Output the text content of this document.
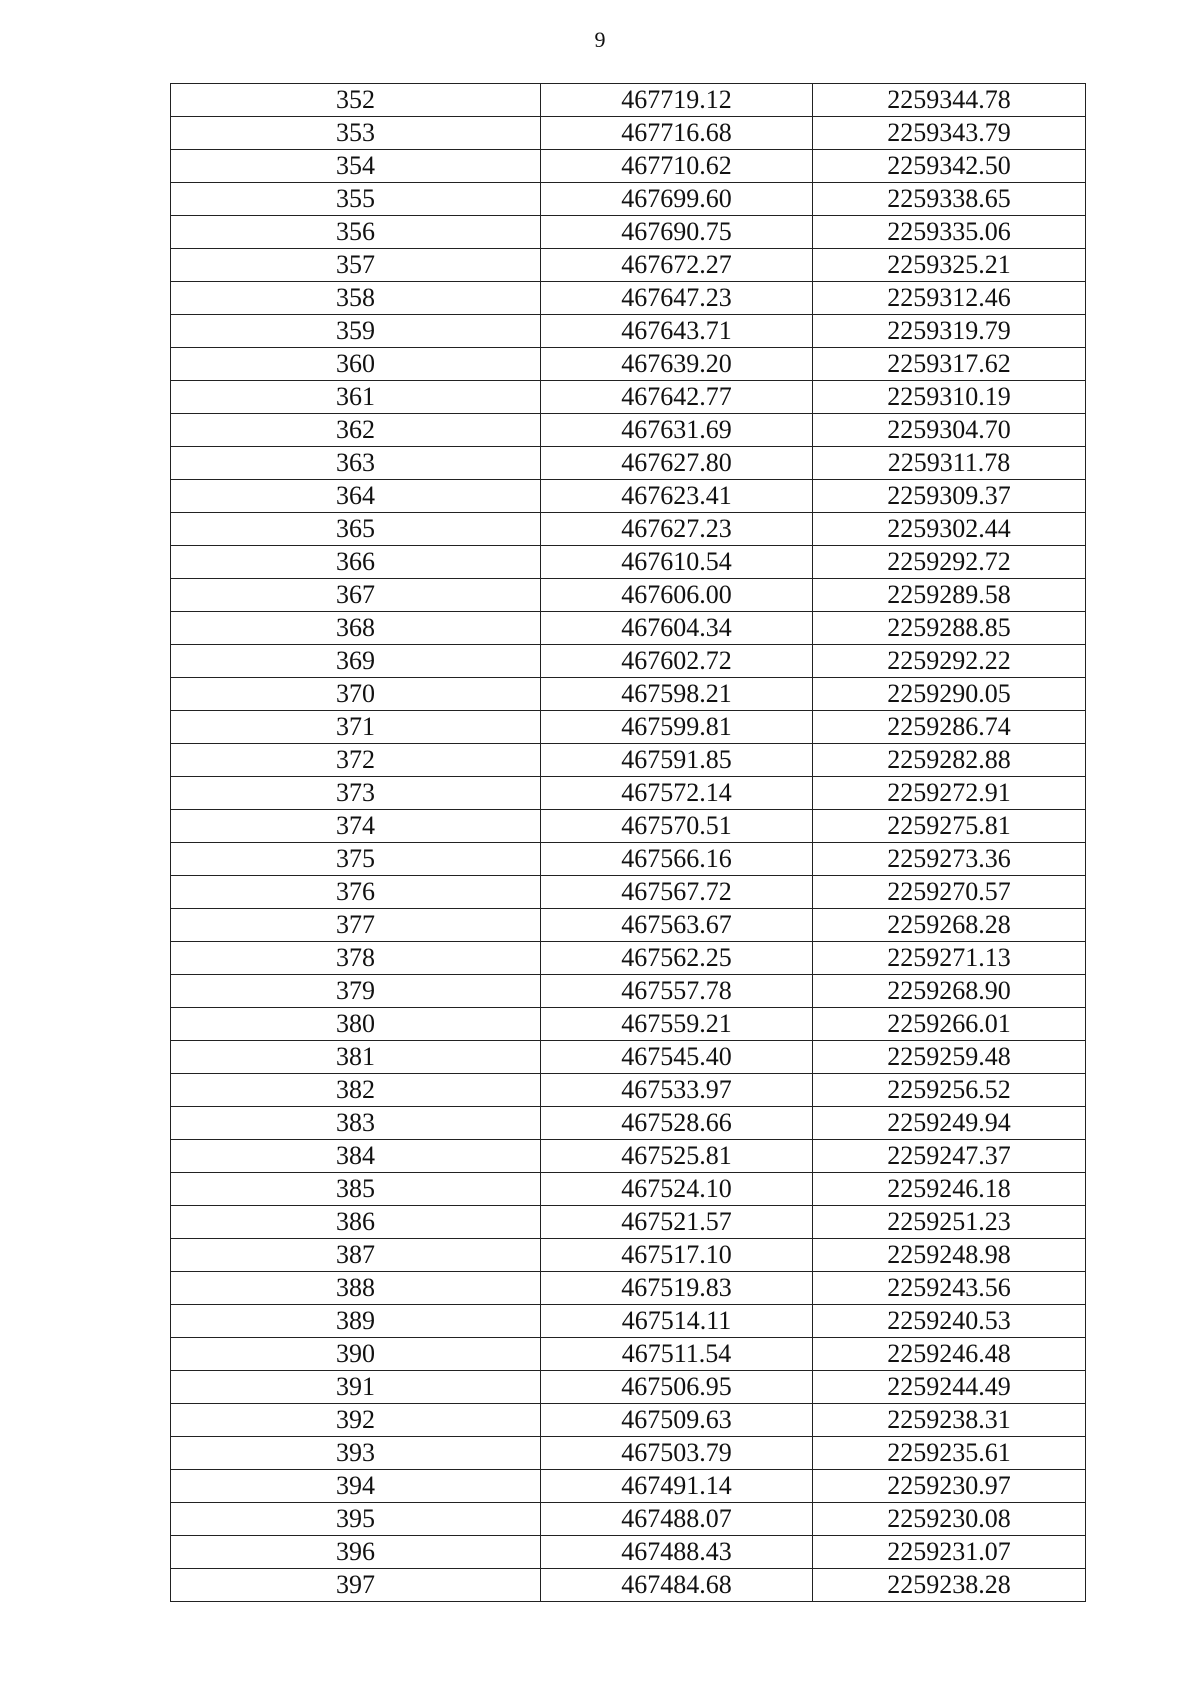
9
352	467719.12	2259344.78
353	467716.68	2259343.79
354	467710.62	2259342.50
355	467699.60	2259338.65
356	467690.75	2259335.06
357	467672.27	2259325.21
358	467647.23	2259312.46
359	467643.71	2259319.79
360	467639.20	2259317.62
361	467642.77	2259310.19
362	467631.69	2259304.70
363	467627.80	2259311.78
364	467623.41	2259309.37
365	467627.23	2259302.44
366	467610.54	2259292.72
367	467606.00	2259289.58
368	467604.34	2259288.85
369	467602.72	2259292.22
370	467598.21	2259290.05
371	467599.81	2259286.74
372	467591.85	2259282.88
373	467572.14	2259272.91
374	467570.51	2259275.81
375	467566.16	2259273.36
376	467567.72	2259270.57
377	467563.67	2259268.28
378	467562.25	2259271.13
379	467557.78	2259268.90
380	467559.21	2259266.01
381	467545.40	2259259.48
382	467533.97	2259256.52
383	467528.66	2259249.94
384	467525.81	2259247.37
385	467524.10	2259246.18
386	467521.57	2259251.23
387	467517.10	2259248.98
388	467519.83	2259243.56
389	467514.11	2259240.53
390	467511.54	2259246.48
391	467506.95	2259244.49
392	467509.63	2259238.31
393	467503.79	2259235.61
394	467491.14	2259230.97
395	467488.07	2259230.08
396	467488.43	2259231.07
397	467484.68	2259238.28
